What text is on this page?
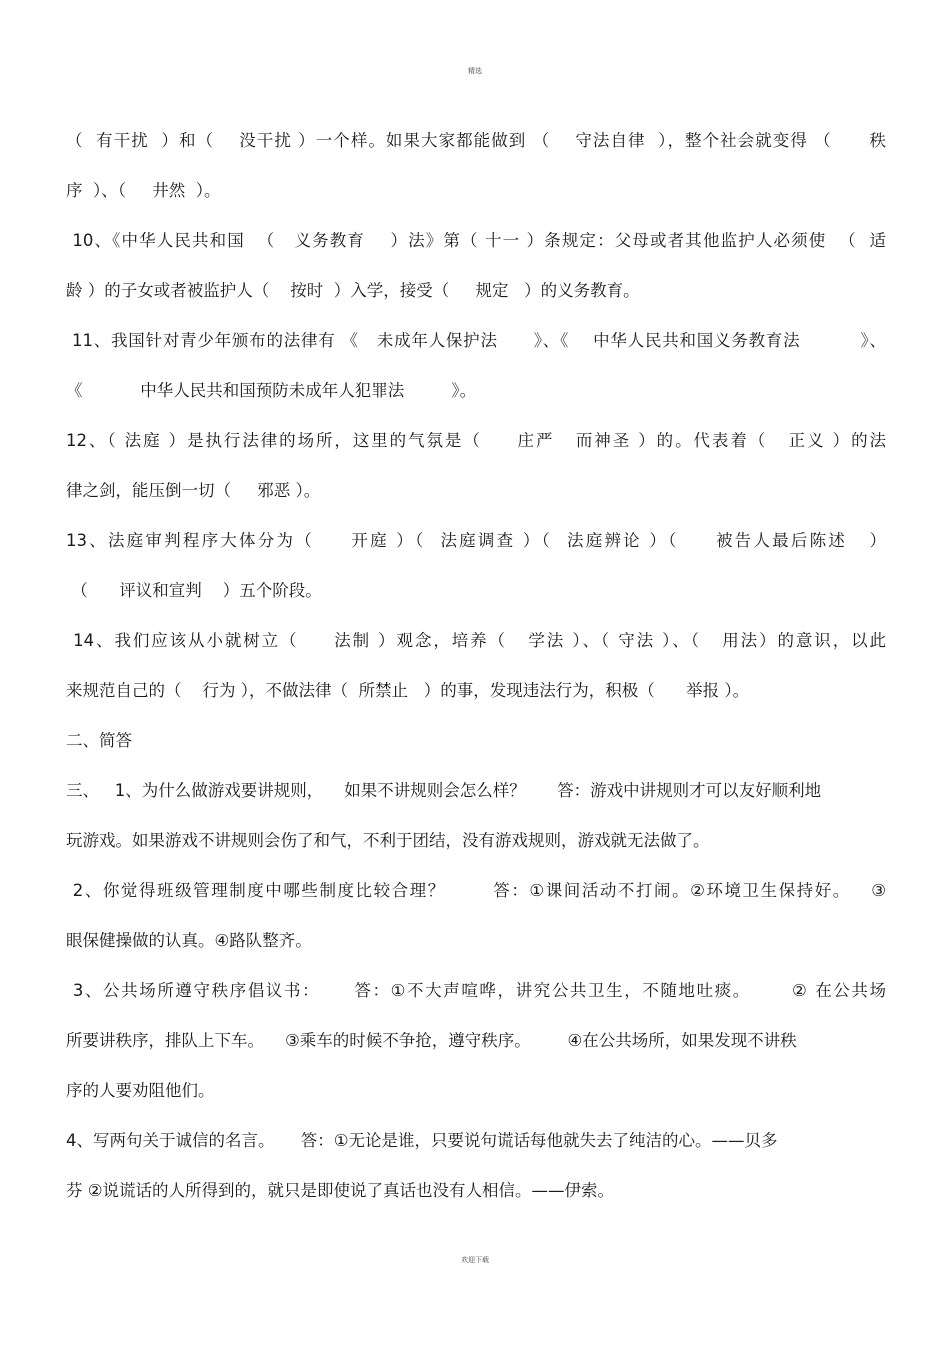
精选
（  有干扰  ）和（    没干扰 ）一个样。如果大家都能做到 （    守法自律  ），整个社会就变得 （      秩
序  ）、（     井然  ）。
10、《中华人民共和国  （   义务教育    ）法》第（ 十一 ）条规定：父母或者其他监护人必须使  （  适
龄 ）的子女或者被监护人（    按时  ）入学，接受（     规定   ）的义务教育。
11、我国针对青少年颁布的法律有 《   未成年人保护法      》、《    中华人民共和国义务教育法          》、
《           中华人民共和国预防未成年人犯罪法         》。
12、（ 法庭 ）是执行法律的场所，这里的气氛是（     庄严   而神圣 ）的。代表着（   正义 ）的法
律之剑，能压倒一切（     邪恶 ）。
13、法庭审判程序大体分为（     开庭 ）（  法庭调查 ）（  法庭辨论 ）（     被告人最后陈述   ）
（      评议和宣判    ）五个阶段。
14、我们应该从小就树立（     法制 ）观念，培养（   学法 ）、（ 守法 ）、（   用法）的意识，以此
来规范自己的（    行为 ），不做法律（  所禁止   ）的事，发现违法行为，积极（      举报 ）。
二、简答
三、   1、为什么做游戏要讲规则，    如果不讲规则会怎么样？      答：游戏中讲规则才可以友好顺利地
玩游戏。如果游戏不讲规则会伤了和气，不利于团结，没有游戏规则，游戏就无法做了。
2、你觉得班级管理制度中哪些制度比较合理？       答：①课间活动不打闹。②环境卫生保持好。   ③
眼保健操做的认真。④路队整齐。
3、公共场所遵守秩序倡议书：     答：①不大声喧哗，讲究公共卫生，不随地吐痰。      ② 在公共场
所要讲秩序，排队上下车。    ③乘车的时候不争抢，遵守秩序。       ④在公共场所，如果发现不讲秩
序的人要劝阻他们。
4、写两句关于诚信的名言。     答：①无论是谁，只要说句谎话每他就失去了纯洁的心。——贝多
芬 ②说谎话的人所得到的，就只是即使说了真话也没有人相信。——伊索。
欢迎下载
